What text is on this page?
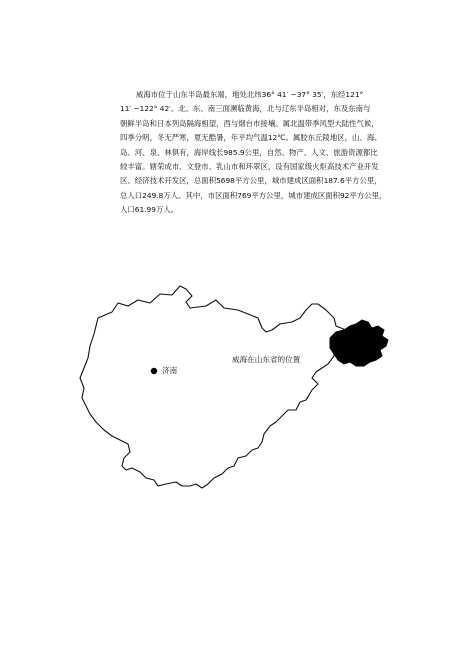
威海市位于山东半岛最东端，地处北纬36° 41′ ~37° 35′，东经121°
11′ ~122° 42′。北、东、南三面濒临黄海，北与辽东半岛相对，东及东南与
朝鲜半岛和日本列岛隔海相望，西与烟台市接壤。属北温带季风型大陆性气候，
四季分明，冬无严寒，夏无酷暑，年平均气温12℃。属胶东丘陵地区，山、海、
岛、河、泉、林俱有，海岸线长985.9公里，自然、物产、人文、旅游资源都比
较丰富。辖荣成市、文登市、乳山市和环翠区，设有国家级火炬高技术产业开发
区、经济技术开发区，总面积5698平方公里，城市建成区面积187.6平方公里，
总人口249.8万人。其中，市区面积769平方公里，城市建成区面积92平方公里，
人口61.99万人。
济南
威海在山东省的位置
